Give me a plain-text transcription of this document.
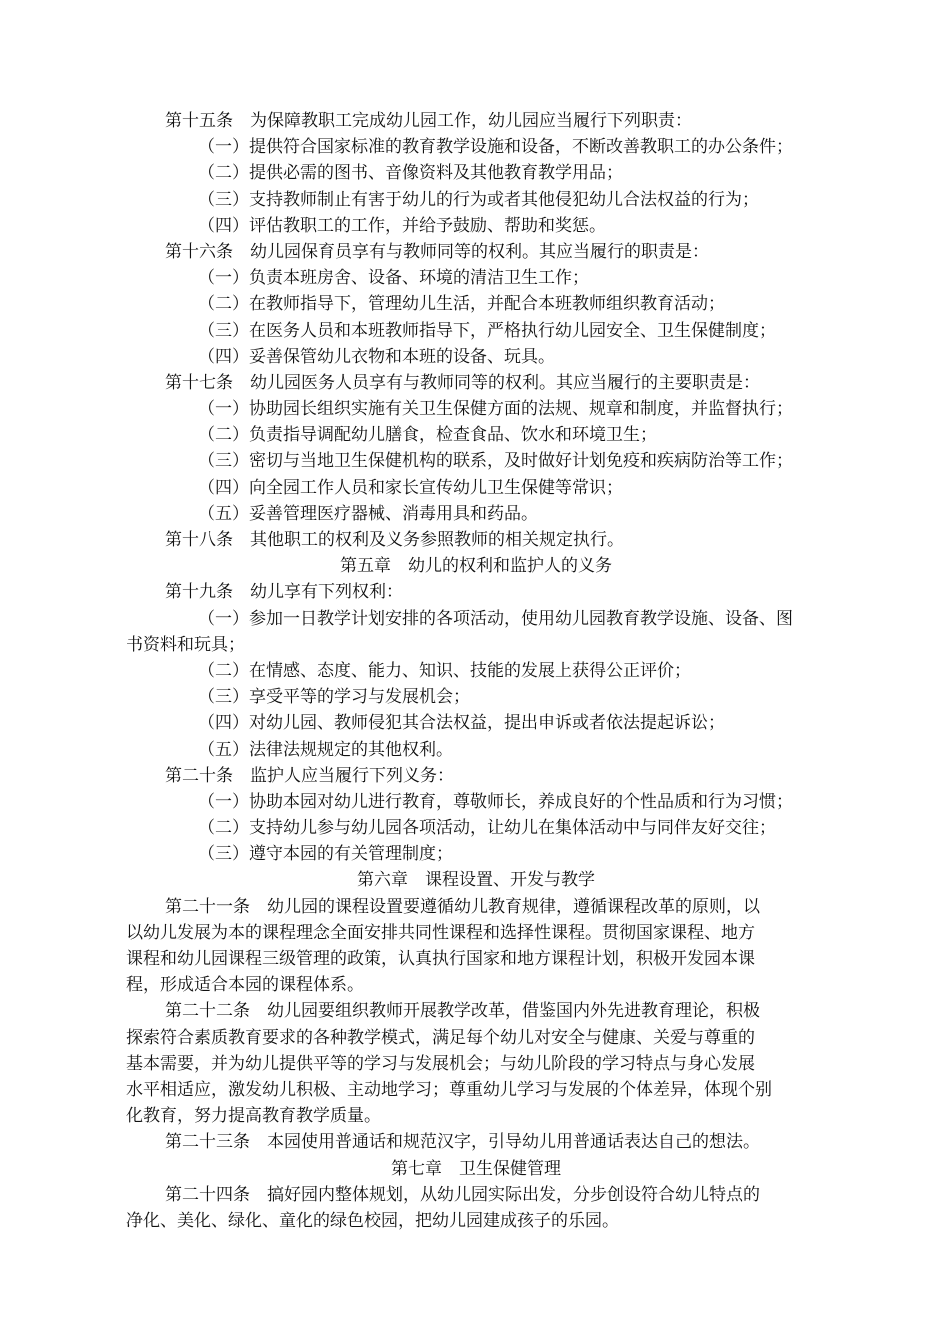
第十五条　为保障教职工完成幼儿园工作，幼儿园应当履行下列职责：
（一）提供符合国家标准的教育教学设施和设备，不断改善教职工的办公条件；
（二）提供必需的图书、音像资料及其他教育教学用品；
（三）支持教师制止有害于幼儿的行为或者其他侵犯幼儿合法权益的行为；
（四）评估教职工的工作，并给予鼓励、帮助和奖惩。
第十六条　幼儿园保育员享有与教师同等的权利。其应当履行的职责是：
（一）负责本班房舍、设备、环境的清洁卫生工作；
（二）在教师指导下，管理幼儿生活，并配合本班教师组织教育活动；
（三）在医务人员和本班教师指导下，严格执行幼儿园安全、卫生保健制度；
（四）妥善保管幼儿衣物和本班的设备、玩具。
第十七条　幼儿园医务人员享有与教师同等的权利。其应当履行的主要职责是：
（一）协助园长组织实施有关卫生保健方面的法规、规章和制度，并监督执行；
（二）负责指导调配幼儿膳食，检查食品、饮水和环境卫生；
（三）密切与当地卫生保健机构的联系，及时做好计划免疫和疾病防治等工作；
（四）向全园工作人员和家长宣传幼儿卫生保健等常识；
（五）妥善管理医疗器械、消毒用具和药品。
第十八条　其他职工的权利及义务参照教师的相关规定执行。
第五章　幼儿的权利和监护人的义务
第十九条　幼儿享有下列权利：
（一）参加一日教学计划安排的各项活动，使用幼儿园教育教学设施、设备、图
书资料和玩具；
（二）在情感、态度、能力、知识、技能的发展上获得公正评价；
（三）享受平等的学习与发展机会；
（四）对幼儿园、教师侵犯其合法权益，提出申诉或者依法提起诉讼；
（五）法律法规规定的其他权利。
第二十条　监护人应当履行下列义务：
（一）协助本园对幼儿进行教育，尊敬师长，养成良好的个性品质和行为习惯；
（二）支持幼儿参与幼儿园各项活动，让幼儿在集体活动中与同伴友好交往；
（三）遵守本园的有关管理制度；
第六章　课程设置、开发与教学
第二十一条　幼儿园的课程设置要遵循幼儿教育规律，遵循课程改革的原则，以
以幼儿发展为本的课程理念全面安排共同性课程和选择性课程。贯彻国家课程、地方
课程和幼儿园课程三级管理的政策，认真执行国家和地方课程计划，积极开发园本课
程，形成适合本园的课程体系。
第二十二条　幼儿园要组织教师开展教学改革，借鉴国内外先进教育理论，积极
探索符合素质教育要求的各种教学模式，满足每个幼儿对安全与健康、关爱与尊重的
基本需要，并为幼儿提供平等的学习与发展机会；与幼儿阶段的学习特点与身心发展
水平相适应，激发幼儿积极、主动地学习；尊重幼儿学习与发展的个体差异，体现个别
化教育，努力提高教育教学质量。
第二十三条　本园使用普通话和规范汉字，引导幼儿用普通话表达自己的想法。
第七章　卫生保健管理
第二十四条　搞好园内整体规划，从幼儿园实际出发，分步创设符合幼儿特点的
净化、美化、绿化、童化的绿色校园，把幼儿园建成孩子的乐园。
